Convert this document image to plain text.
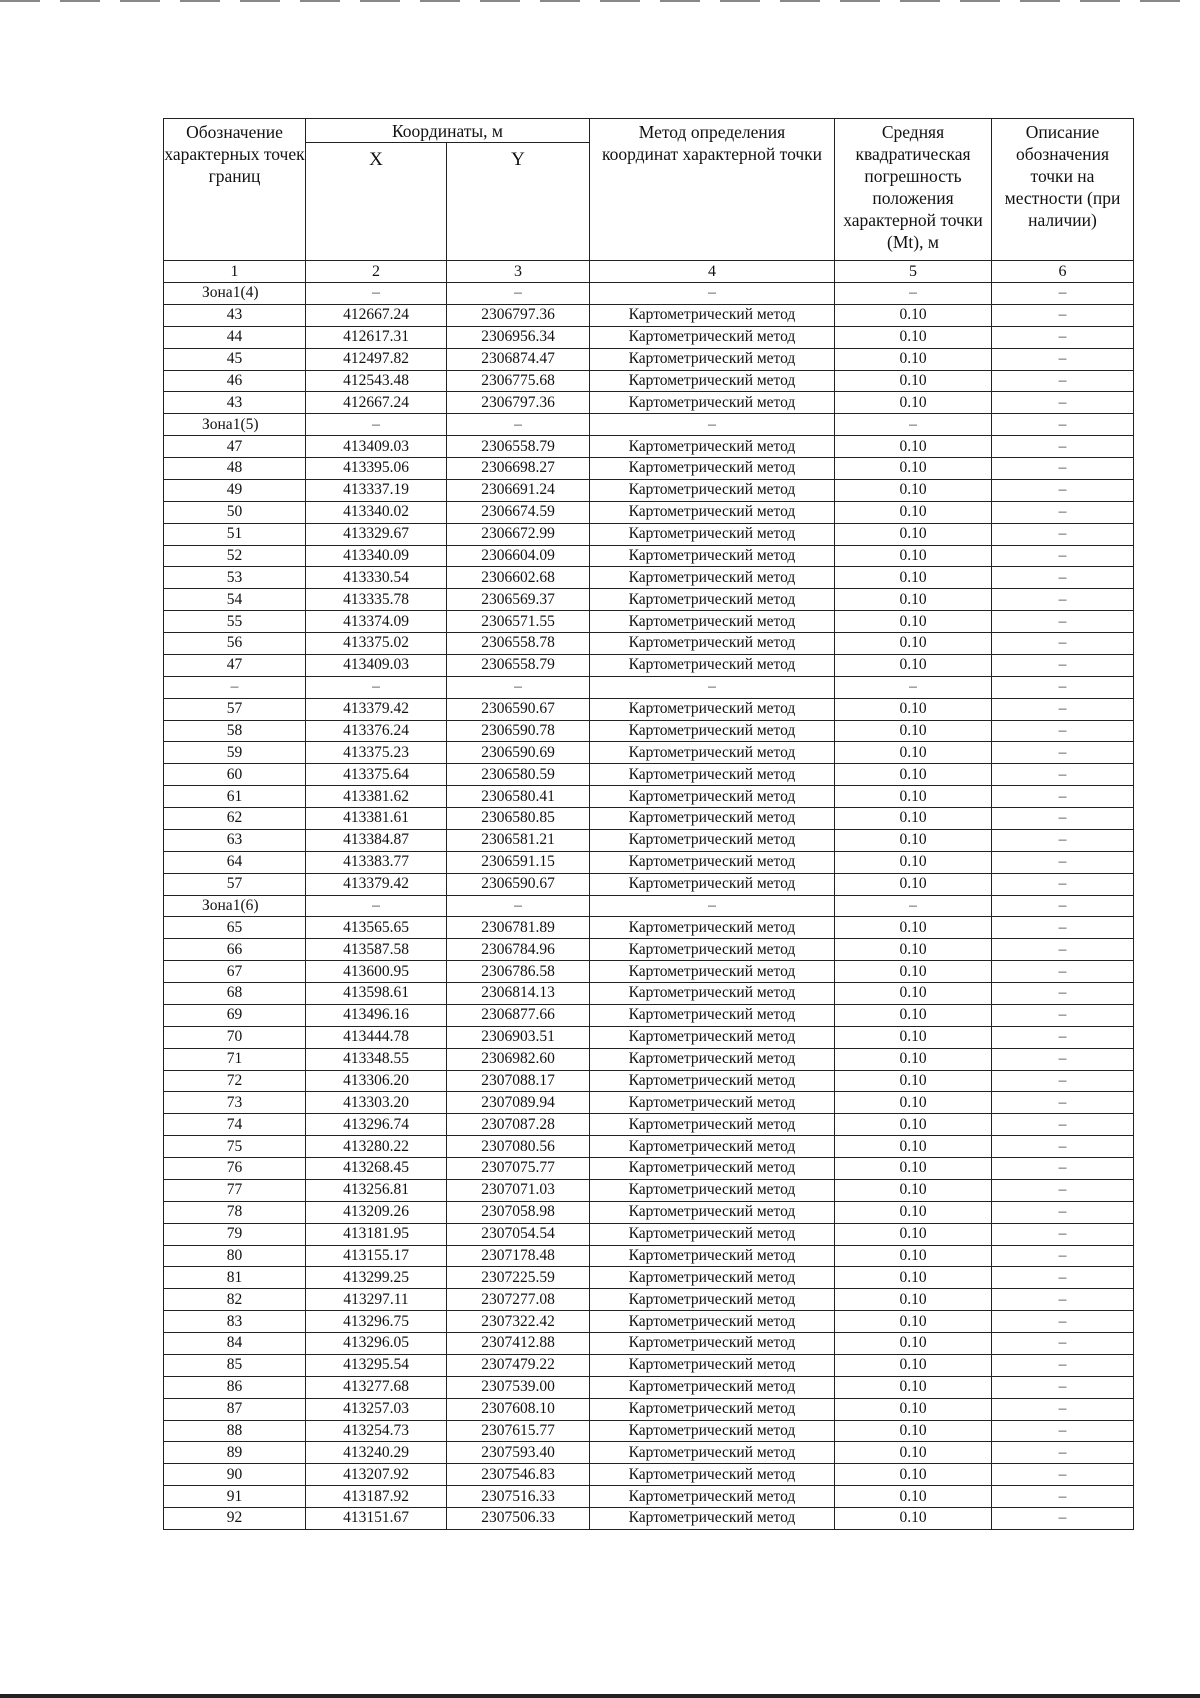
Обозначение характерных точек границ	Координаты, м		Метод определения координат характерной точки	Средняя квадратическая погрешность положения характерной точки (Mt), м	Описание обозначения точки на местности (при наличии)
	X	Y			
1	2	3	4	5	6
Зона1(4)	–	–	–	–	–
43	412667.24	2306797.36	Картометрический метод	0.10	–
44	412617.31	2306956.34	Картометрический метод	0.10	–
45	412497.82	2306874.47	Картометрический метод	0.10	–
46	412543.48	2306775.68	Картометрический метод	0.10	–
43	412667.24	2306797.36	Картометрический метод	0.10	–
Зона1(5)	–	–	–	–	–
47	413409.03	2306558.79	Картометрический метод	0.10	–
48	413395.06	2306698.27	Картометрический метод	0.10	–
49	413337.19	2306691.24	Картометрический метод	0.10	–
50	413340.02	2306674.59	Картометрический метод	0.10	–
51	413329.67	2306672.99	Картометрический метод	0.10	–
52	413340.09	2306604.09	Картометрический метод	0.10	–
53	413330.54	2306602.68	Картометрический метод	0.10	–
54	413335.78	2306569.37	Картометрический метод	0.10	–
55	413374.09	2306571.55	Картометрический метод	0.10	–
56	413375.02	2306558.78	Картометрический метод	0.10	–
47	413409.03	2306558.79	Картометрический метод	0.10	–
–	–	–	–	–	–
57	413379.42	2306590.67	Картометрический метод	0.10	–
58	413376.24	2306590.78	Картометрический метод	0.10	–
59	413375.23	2306590.69	Картометрический метод	0.10	–
60	413375.64	2306580.59	Картометрический метод	0.10	–
61	413381.62	2306580.41	Картометрический метод	0.10	–
62	413381.61	2306580.85	Картометрический метод	0.10	–
63	413384.87	2306581.21	Картометрический метод	0.10	–
64	413383.77	2306591.15	Картометрический метод	0.10	–
57	413379.42	2306590.67	Картометрический метод	0.10	–
Зона1(6)	–	–	–	–	–
65	413565.65	2306781.89	Картометрический метод	0.10	–
66	413587.58	2306784.96	Картометрический метод	0.10	–
67	413600.95	2306786.58	Картометрический метод	0.10	–
68	413598.61	2306814.13	Картометрический метод	0.10	–
69	413496.16	2306877.66	Картометрический метод	0.10	–
70	413444.78	2306903.51	Картометрический метод	0.10	–
71	413348.55	2306982.60	Картометрический метод	0.10	–
72	413306.20	2307088.17	Картометрический метод	0.10	–
73	413303.20	2307089.94	Картометрический метод	0.10	–
74	413296.74	2307087.28	Картометрический метод	0.10	–
75	413280.22	2307080.56	Картометрический метод	0.10	–
76	413268.45	2307075.77	Картометрический метод	0.10	–
77	413256.81	2307071.03	Картометрический метод	0.10	–
78	413209.26	2307058.98	Картометрический метод	0.10	–
79	413181.95	2307054.54	Картометрический метод	0.10	–
80	413155.17	2307178.48	Картометрический метод	0.10	–
81	413299.25	2307225.59	Картометрический метод	0.10	–
82	413297.11	2307277.08	Картометрический метод	0.10	–
83	413296.75	2307322.42	Картометрический метод	0.10	–
84	413296.05	2307412.88	Картометрический метод	0.10	–
85	413295.54	2307479.22	Картометрический метод	0.10	–
86	413277.68	2307539.00	Картометрический метод	0.10	–
87	413257.03	2307608.10	Картометрический метод	0.10	–
88	413254.73	2307615.77	Картометрический метод	0.10	–
89	413240.29	2307593.40	Картометрический метод	0.10	–
90	413207.92	2307546.83	Картометрический метод	0.10	–
91	413187.92	2307516.33	Картометрический метод	0.10	–
92	413151.67	2307506.33	Картометрический метод	0.10	–
